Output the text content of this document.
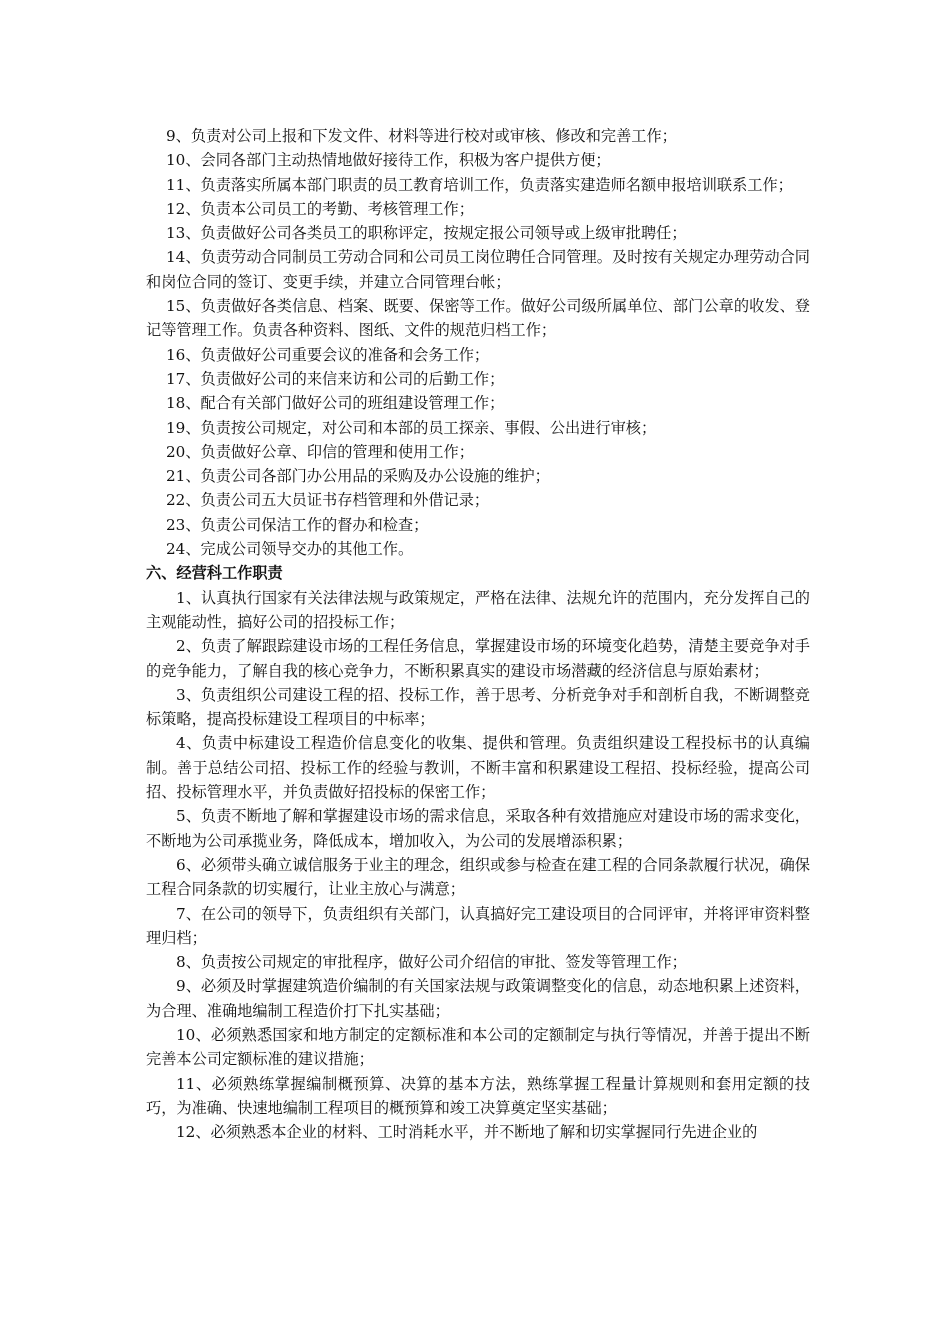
9、负责对公司上报和下发文件、材料等进行校对或审核、修改和完善工作；

10、会同各部门主动热情地做好接待工作，积极为客户提供方便；

11、负责落实所属本部门职责的员工教育培训工作，负责落实建造师名额申报培训联系工作；

12、负责本公司员工的考勤、考核管理工作；

13、负责做好公司各类员工的职称评定，按规定报公司领导或上级审批聘任；

14、负责劳动合同制员工劳动合同和公司员工岗位聘任合同管理。及时按有关规定办理劳动合同和岗位合同的签订、变更手续，并建立合同管理台帐；

15、负责做好各类信息、档案、既要、保密等工作。做好公司级所属单位、部门公章的收发、登记等管理工作。负责各种资料、图纸、文件的规范归档工作；

16、负责做好公司重要会议的准备和会务工作；

17、负责做好公司的来信来访和公司的后勤工作；

18、配合有关部门做好公司的班组建设管理工作；

19、负责按公司规定，对公司和本部的员工探亲、事假、公出进行审核；

20、负责做好公章、印信的管理和使用工作；

21、负责公司各部门办公用品的采购及办公设施的维护；

22、负责公司五大员证书存档管理和外借记录；

23、负责公司保洁工作的督办和检查；

24、完成公司领导交办的其他工作。

六、经营科工作职责

1、认真执行国家有关法律法规与政策规定，严格在法律、法规允许的范围内，充分发挥自己的主观能动性，搞好公司的招投标工作；

2、负责了解跟踪建设市场的工程任务信息，掌握建设市场的环境变化趋势，清楚主要竞争对手的竞争能力，了解自我的核心竞争力，不断积累真实的建设市场潜藏的经济信息与原始素材；

3、负责组织公司建设工程的招、投标工作，善于思考、分析竞争对手和剖析自我，不断调整竞标策略，提高投标建设工程项目的中标率；

4、负责中标建设工程造价信息变化的收集、提供和管理。负责组织建设工程投标书的认真编制。善于总结公司招、投标工作的经验与教训，不断丰富和积累建设工程招、投标经验，提高公司招、投标管理水平，并负责做好招投标的保密工作；

5、负责不断地了解和掌握建设市场的需求信息，采取各种有效措施应对建设市场的需求变化，不断地为公司承揽业务，降低成本，增加收入，为公司的发展增添积累；

6、必须带头确立诚信服务于业主的理念，组织或参与检查在建工程的合同条款履行状况，确保工程合同条款的切实履行，让业主放心与满意；

7、在公司的领导下，负责组织有关部门，认真搞好完工建设项目的合同评审，并将评审资料整理归档；

8、负责按公司规定的审批程序，做好公司介绍信的审批、签发等管理工作；

9、必须及时掌握建筑造价编制的有关国家法规与政策调整变化的信息，动态地积累上述资料，为合理、准确地编制工程造价打下扎实基础；

10、必须熟悉国家和地方制定的定额标准和本公司的定额制定与执行等情况，并善于提出不断完善本公司定额标准的建议措施；

11、必须熟练掌握编制概预算、决算的基本方法，熟练掌握工程量计算规则和套用定额的技巧，为准确、快速地编制工程项目的概预算和竣工决算奠定坚实基础；

12、必须熟悉本企业的材料、工时消耗水平，并不断地了解和切实掌握同行先进企业的
